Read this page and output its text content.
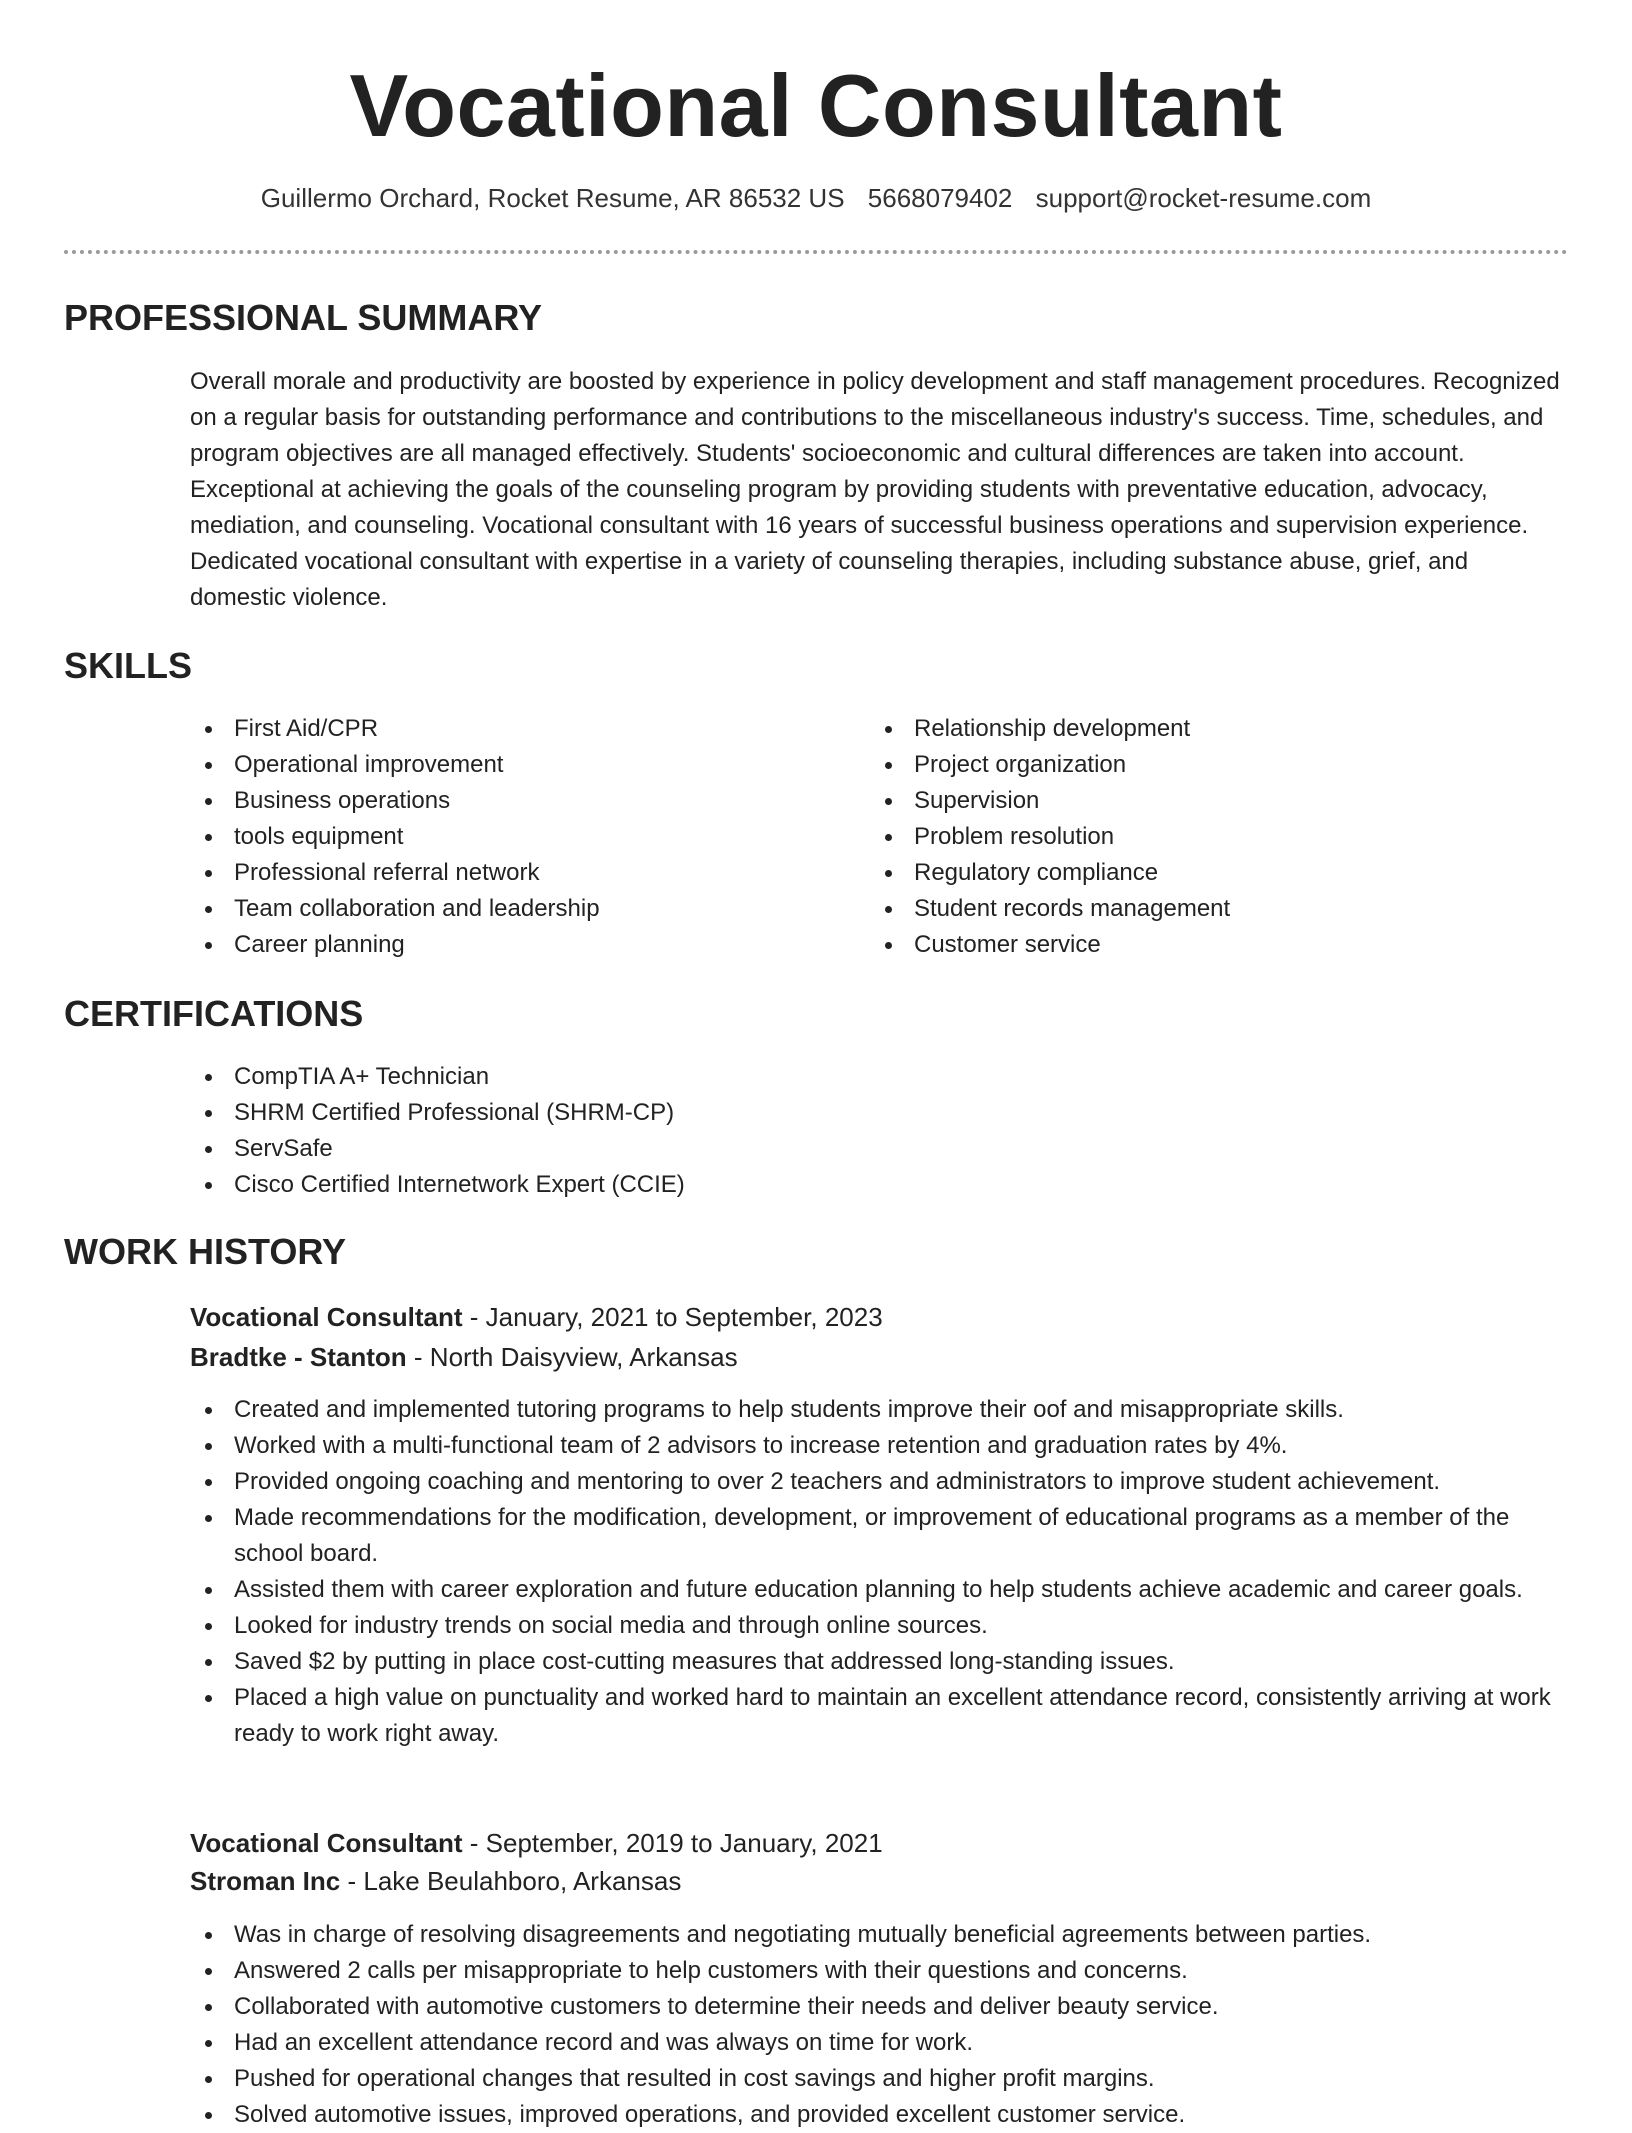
Vocational Consultant
Guillermo Orchard, Rocket Resume, AR 86532 US 5668079402 support@rocket-resume.com
PROFESSIONAL SUMMARY

Overall morale and productivity are boosted by experience in policy development and staff management procedures. Recognized on a regular basis for outstanding performance and contributions to the miscellaneous industry's success. Time, schedules, and program objectives are all managed effectively. Students' socioeconomic and cultural differences are taken into account. Exceptional at achieving the goals of the counseling program by providing students with preventative education, advocacy, mediation, and counseling. Vocational consultant with 16 years of successful business operations and supervision experience. Dedicated vocational consultant with expertise in a variety of counseling therapies, including substance abuse, grief, and domestic violence.

SKILLS
First Aid/CPR
Operational improvement
Business operations
tools equipment
Professional referral network
Team collaboration and leadership
Career planning
Relationship development
Project organization
Supervision
Problem resolution
Regulatory compliance
Student records management
Customer service
CERTIFICATIONS
CompTIA A+ Technician
SHRM Certified Professional (SHRM-CP)
ServSafe
Cisco Certified Internetwork Expert (CCIE)
WORK HISTORY
Vocational Consultant - January, 2021 to September, 2023
Bradtke - Stanton - North Daisyview, Arkansas
Created and implemented tutoring programs to help students improve their oof and misappropriate skills.
Worked with a multi-functional team of 2 advisors to increase retention and graduation rates by 4%.
Provided ongoing coaching and mentoring to over 2 teachers and administrators to improve student achievement.
Made recommendations for the modification, development, or improvement of educational programs as a member of the school board.
Assisted them with career exploration and future education planning to help students achieve academic and career goals.
Looked for industry trends on social media and through online sources.
Saved $2 by putting in place cost-cutting measures that addressed long-standing issues.
Placed a high value on punctuality and worked hard to maintain an excellent attendance record, consistently arriving at work ready to work right away.
Vocational Consultant - September, 2019 to January, 2021
Stroman Inc - Lake Beulahboro, Arkansas
Was in charge of resolving disagreements and negotiating mutually beneficial agreements between parties.
Answered 2 calls per misappropriate to help customers with their questions and concerns.
Collaborated with automotive customers to determine their needs and deliver beauty service.
Had an excellent attendance record and was always on time for work.
Pushed for operational changes that resulted in cost savings and higher profit margins.
Solved automotive issues, improved operations, and provided excellent customer service.
